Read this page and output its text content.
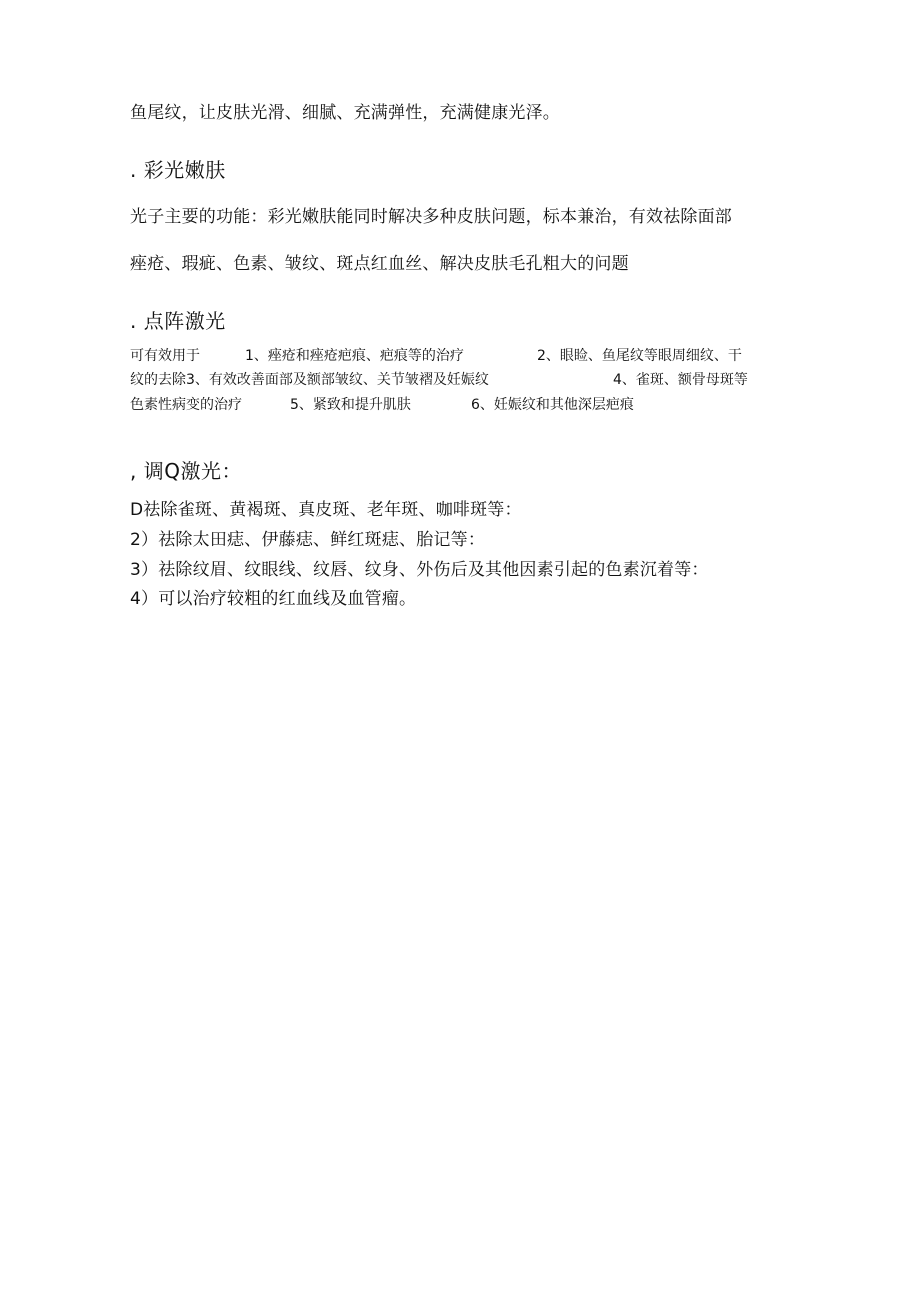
鱼尾纹，让皮肤光滑、细腻、充满弹性，充满健康光泽。

. 彩光嫩肤

光子主要的功能：彩光嫩肤能同时解决多种皮肤问题，标本兼治，有效祛除面部

痤疮、瑕疵、色素、皱纹、斑点红血丝、解决皮肤毛孔粗大的问题

. 点阵激光

可有效用于	1、痤疮和痤疮疤痕、疤痕等的治疗	2、眼睑、鱼尾纹等眼周细纹、干
纹的去除3、有效改善面部及额部皱纹、关节皱褶及妊娠纹	4、雀斑、额骨母斑等
色素性病变的治疗	5、紧致和提升肌肤	6、妊娠纹和其他深层疤痕

, 调Q激光：

D祛除雀斑、黄褐斑、真皮斑、老年斑、咖啡斑等：

2）祛除太田痣、伊藤痣、鲜红斑痣、胎记等：

3）祛除纹眉、纹眼线、纹唇、纹身、外伤后及其他因素引起的色素沉着等：

4）可以治疗较粗的红血线及血管瘤。
